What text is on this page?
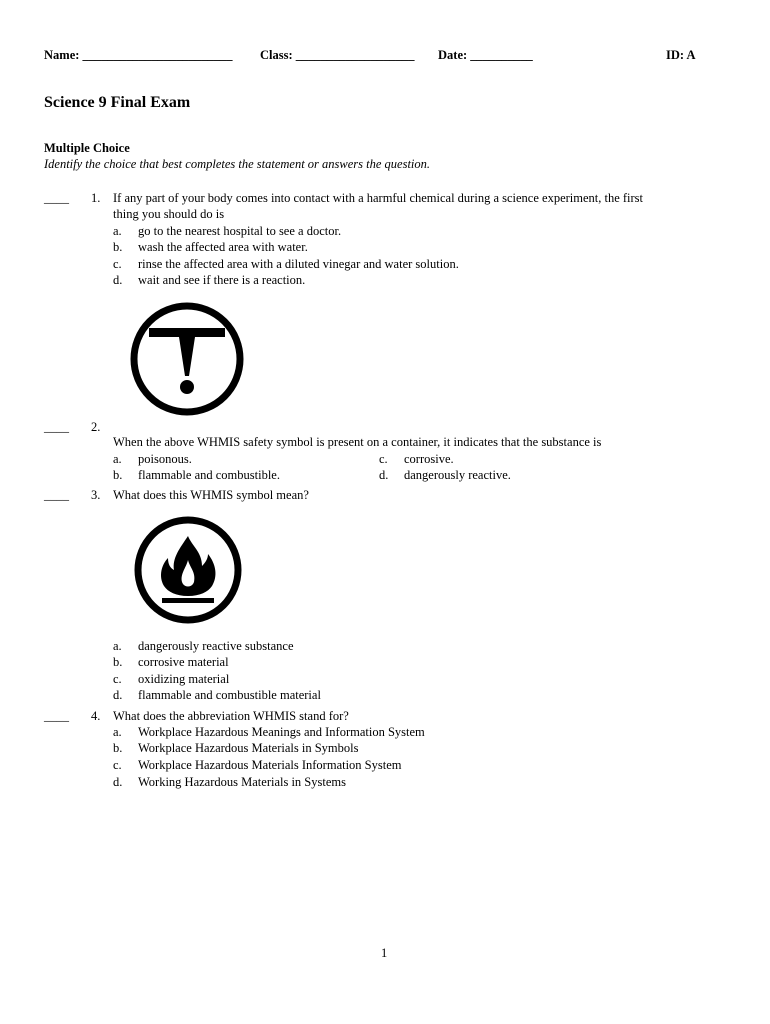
Name: ________________________ Class: ___________________ Date: __________	ID: A
Science 9 Final Exam
Multiple Choice
Identify the choice that best completes the statement or answers the question.
____ 1. If any part of your body comes into contact with a harmful chemical during a science experiment, the first
thing you should do is
a. go to the nearest hospital to see a doctor.
b. wash the affected area with water.
c. rinse the affected area with a diluted vinegar and water solution.
d. wait and see if there is a reaction.
____ 2.
When the above WHMIS safety symbol is present on a container, it indicates that the substance is
a. poisonous.
b. flammable and combustible.
c. corrosive.
d. dangerously reactive.
____ 3. What does this WHMIS symbol mean?
a. dangerously reactive substance
b. corrosive material
c. oxidizing material
d. flammable and combustible material
____ 4. What does the abbreviation WHMIS stand for?
a. Workplace Hazardous Meanings and Information System
b. Workplace Hazardous Materials in Symbols
c. Workplace Hazardous Materials Information System
d. Working Hazardous Materials in Systems
1
